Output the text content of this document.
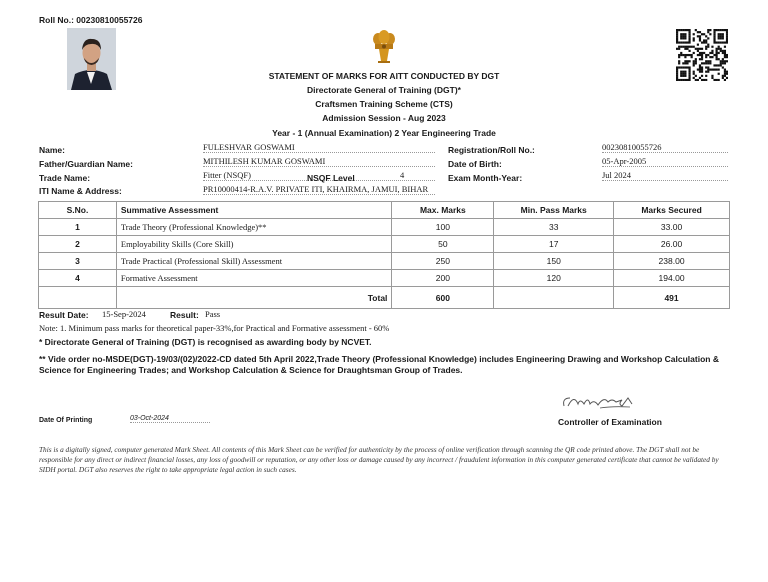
Roll No.: 00230810055726
STATEMENT OF MARKS FOR AITT CONDUCTED BY DGT
Directorate General of Training (DGT)*
Craftsmen Training Scheme (CTS)
Admission Session - Aug 2023
Year - 1 (Annual Examination) 2 Year Engineering Trade
Name:	FULESHVAR GOSWAMI
Father/Guardian Name:	MITHILESH KUMAR GOSWAMI
Trade Name:	Fitter (NSQF)	NSQF Level	4
ITI Name & Address:	PR10000414-R.A.V. PRIVATE ITI, KHAIRMA, JAMUI, BIHAR
Registration/Roll No.:	00230810055726
Date of Birth:	05-Apr-2005
Exam Month-Year:	Jul 2024
S.No.	Summative Assessment	Max. Marks	Min. Pass Marks	Marks Secured
1	Trade Theory (Professional Knowledge)**	100	33	33.00
2	Employability Skills (Core Skill)	50	17	26.00
3	Trade Practical (Professional Skill) Assessment	250	150	238.00
4	Formative Assessment	200	120	194.00
	Total	600		491
Result Date: 15-Sep-2024	Result: Pass
Note: 1. Minimum pass marks for theoretical paper-33%,for Practical and Formative assessment - 60%
* Directorate General of Training (DGT) is recognised as awarding body by NCVET.
** Vide order no-MSDE(DGT)-19/03/(02)/2022-CD dated 5th April 2022,Trade Theory (Professional Knowledge) includes Engineering Drawing and Workshop Calculation & Science for Engineering Trades; and Workshop Calculation & Science for Draughtsman Group of Trades.
Date Of Printing	03-Oct-2024	Controller of Examination
This is a digitally signed, computer generated Mark Sheet. All contents of this Mark Sheet can be verified for authenticity by the process of online verification through scanning the QR code printed above. The DGT shall not be responsible for any direct or indirect financial losses, any loss of goodwill or reputation, or any other loss or damage caused by any incorrect / fraudulent information in this computer generated certificate that cannot be validated by SIDH portal. DGT also reserves the right to take appropriate legal action in such cases.
